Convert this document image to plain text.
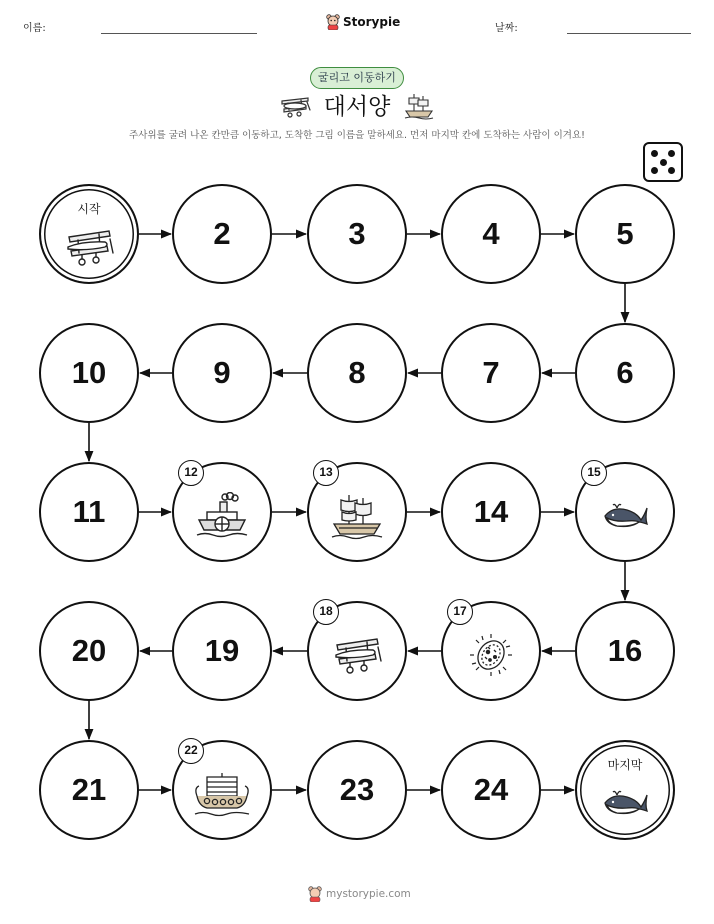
이름:	Storypie	날짜:
굴리고 이동하기
대서양
주사위를 굴려 나온 칸만큼 이동하고, 도착한 그림 이름을 말하세요. 먼저 마지막 칸에 도착하는 사람이 이겨요!
시작
2	3	4	5
6
7
8
9
10
11
12	13
14
15
16
17
18
19
20
21
22
23	24
마지막
mystorypie.com
